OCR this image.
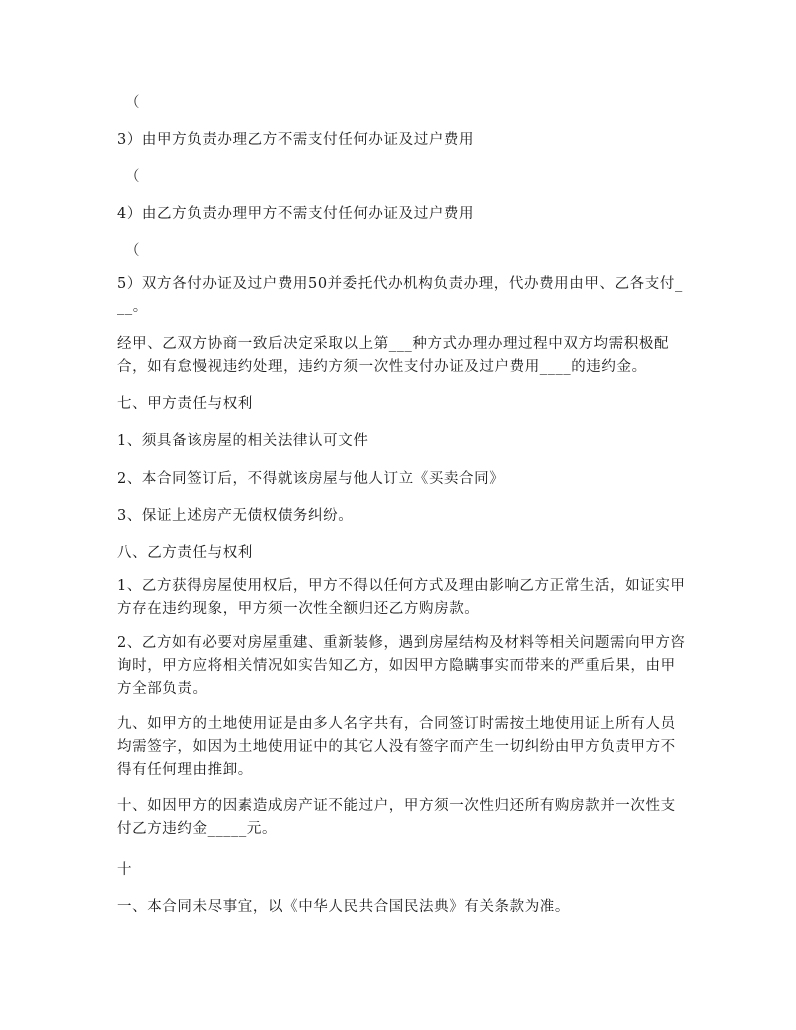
（

3）由甲方负责办理乙方不需支付任何办证及过户费用

（

4）由乙方负责办理甲方不需支付任何办证及过户费用

（

5）双方各付办证及过户费用50并委托代办机构负责办理，代办费用由甲、乙各支付___。

经甲、乙双方协商一致后决定采取以上第___种方式办理办理过程中双方均需积极配合，如有怠慢视违约处理，违约方须一次性支付办证及过户费用____的违约金。

七、甲方责任与权利

1、须具备该房屋的相关法律认可文件

2、本合同签订后，不得就该房屋与他人订立《买卖合同》

3、保证上述房产无债权债务纠纷。

八、乙方责任与权利

1、乙方获得房屋使用权后，甲方不得以任何方式及理由影响乙方正常生活，如证实甲方存在违约现象，甲方须一次性全额归还乙方购房款。

2、乙方如有必要对房屋重建、重新装修，遇到房屋结构及材料等相关问题需向甲方咨询时，甲方应将相关情况如实告知乙方，如因甲方隐瞒事实而带来的严重后果，由甲方全部负责。

九、如甲方的土地使用证是由多人名字共有，合同签订时需按土地使用证上所有人员均需签字，如因为土地使用证中的其它人没有签字而产生一切纠纷由甲方负责甲方不得有任何理由推卸。

十、如因甲方的因素造成房产证不能过户，甲方须一次性归还所有购房款并一次性支付乙方违约金_____元。

十

一、本合同未尽事宜，以《中华人民共合国民法典》有关条款为准。
